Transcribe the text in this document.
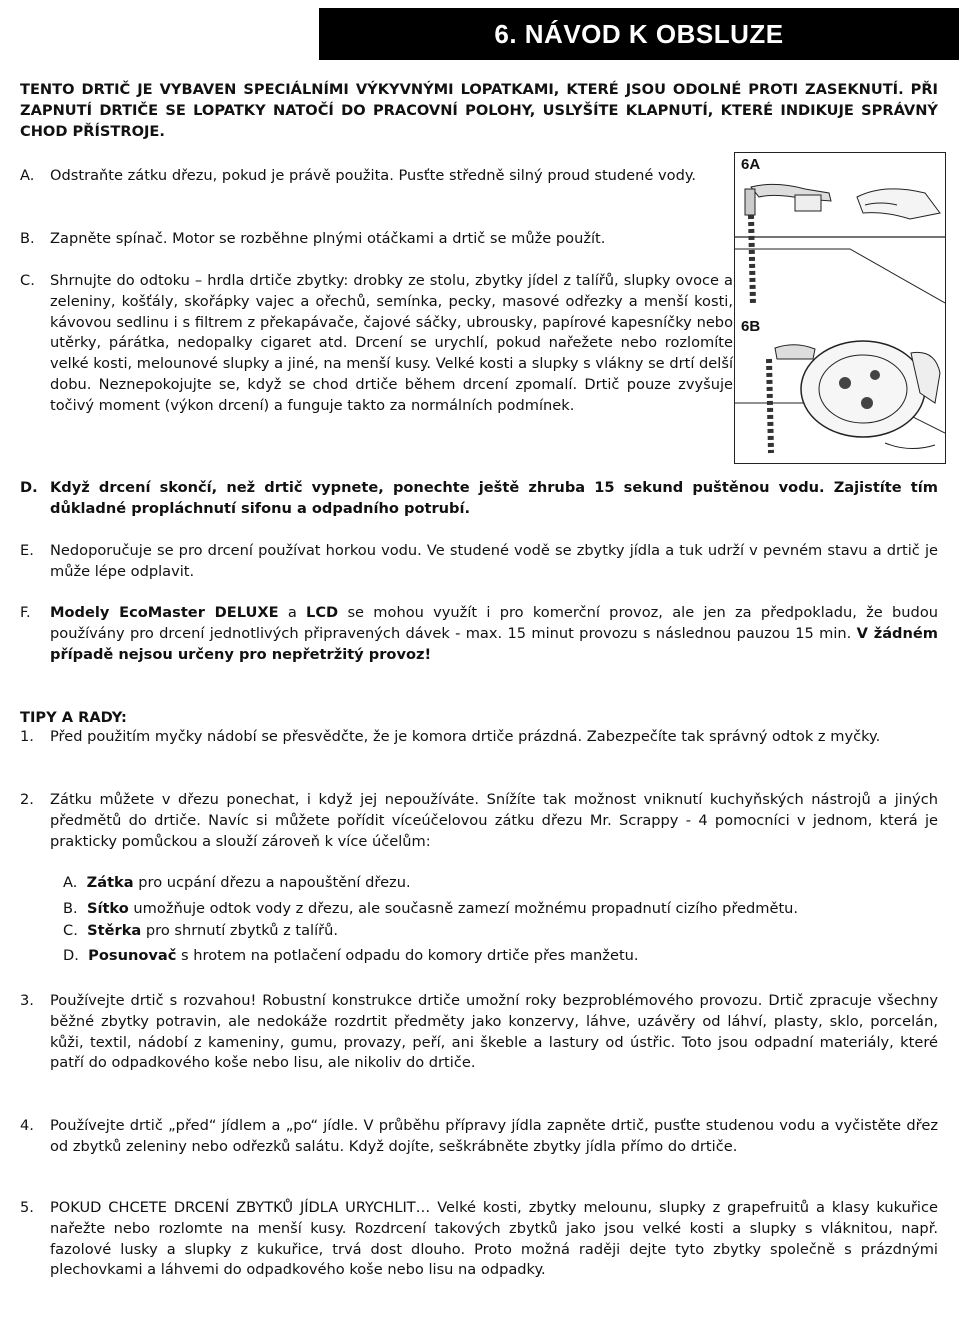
6. NÁVOD K OBSLUZE
TENTO DRTIČ JE VYBAVEN SPECIÁLNÍMI VÝKYVNÝMI LOPATKAMI, KTERÉ JSOU ODOLNÉ PROTI ZASEKNUTÍ. PŘI ZAPNUTÍ DRTIČE SE LOPATKY NATOČÍ DO PRACOVNÍ POLOHY, USLYŠÍTE KLAPNUTÍ, KTERÉ INDIKUJE SPRÁVNÝ CHOD PŘÍSTROJE.
A. Odstraňte zátku dřezu, pokud je právě použita. Pusťte středně silný proud studené vody.
B. Zapněte spínač. Motor se rozběhne plnými otáčkami a drtič se může použít.
C. Shrnujte do odtoku – hrdla drtiče zbytky: drobky ze stolu, zbytky jídel z talířů, slupky ovoce a zeleniny, košťály, skořápky vajec a ořechů, semínka, pecky, masové odřezky a menší kosti, kávovou sedlinu i s filtrem z překapávače, čajové sáčky, ubrousky, papírové kapesníčky nebo utěrky, párátka, nedopalky cigaret atd. Drcení se urychlí, pokud nařežete nebo rozlomíte velké kosti, melounové slupky a jiné, na menší kusy. Velké kosti a slupky s vlákny se drtí delší dobu. Neznepokojujte se, když se chod drtiče během drcení zpomalí. Drtič pouze zvyšuje točivý moment (výkon drcení) a funguje takto za normálních podmínek.
6A
6B
D. Když drcení skončí, než drtič vypnete, ponechte ještě zhruba 15 sekund puštěnou vodu. Zajistíte tím důkladné propláchnutí sifonu a odpadního potrubí.
E. Nedoporučuje se pro drcení používat horkou vodu. Ve studené vodě se zbytky jídla a tuk udrží v pevném stavu a drtič je může lépe odplavit.
F. Modely EcoMaster DELUXE a LCD se mohou využít i pro komerční provoz, ale jen za předpokladu, že budou používány pro drcení jednotlivých připravených dávek - max. 15 minut provozu s následnou pauzou 15 min. V žádném případě nejsou určeny pro nepřetržitý provoz!
TIPY A RADY:
1. Před použitím myčky nádobí se přesvědčte, že je komora drtiče prázdná. Zabezpečíte tak správný odtok z myčky.
2. Zátku můžete v dřezu ponechat, i když jej nepoužíváte. Snížíte tak možnost vniknutí kuchyňských nástrojů a jiných předmětů do drtiče. Navíc si můžete pořídit víceúčelovou zátku dřezu Mr. Scrappy - 4 pomocníci v jednom, která je prakticky pomůckou a slouží zároveň k více účelům:
A. Zátka pro ucpání dřezu a napouštění dřezu.
B. Sítko umožňuje odtok vody z dřezu, ale současně zamezí možnému propadnutí cizího předmětu.
C. Stěrka pro shrnutí zbytků z talířů.
D. Posunovač s hrotem na potlačení odpadu do komory drtiče přes manžetu.
3. Používejte drtič s rozvahou! Robustní konstrukce drtiče umožní roky bezproblémového provozu. Drtič zpracuje všechny běžné zbytky potravin, ale nedokáže rozdrtit předměty jako konzervy, láhve, uzávěry od láhví, plasty, sklo, porcelán, kůži, textil, nádobí z kameniny, gumu, provazy, peří, ani škeble a lastury od ústřic. Toto jsou odpadní materiály, které patří do odpadkového koše nebo lisu, ale nikoliv do drtiče.
4. Používejte drtič „před“ jídlem a „po“ jídle. V průběhu přípravy jídla zapněte drtič, pusťte studenou vodu a vyčistěte dřez od zbytků zeleniny nebo odřezků salátu. Když dojíte, seškrábněte zbytky jídla přímo do drtiče.
5. POKUD CHCETE DRCENÍ ZBYTKŮ JÍDLA URYCHLIT… Velké kosti, zbytky melounu, slupky z grapefruitů a klasy kukuřice nařežte nebo rozlomte na menší kusy. Rozdrcení takových zbytků jako jsou velké kosti a slupky s vláknitou, např. fazolové lusky a slupky z kukuřice, trvá dost dlouho. Proto možná raději dejte tyto zbytky společně s prázdnými plechovkami a láhvemi do odpadkového koše nebo lisu na odpadky.
